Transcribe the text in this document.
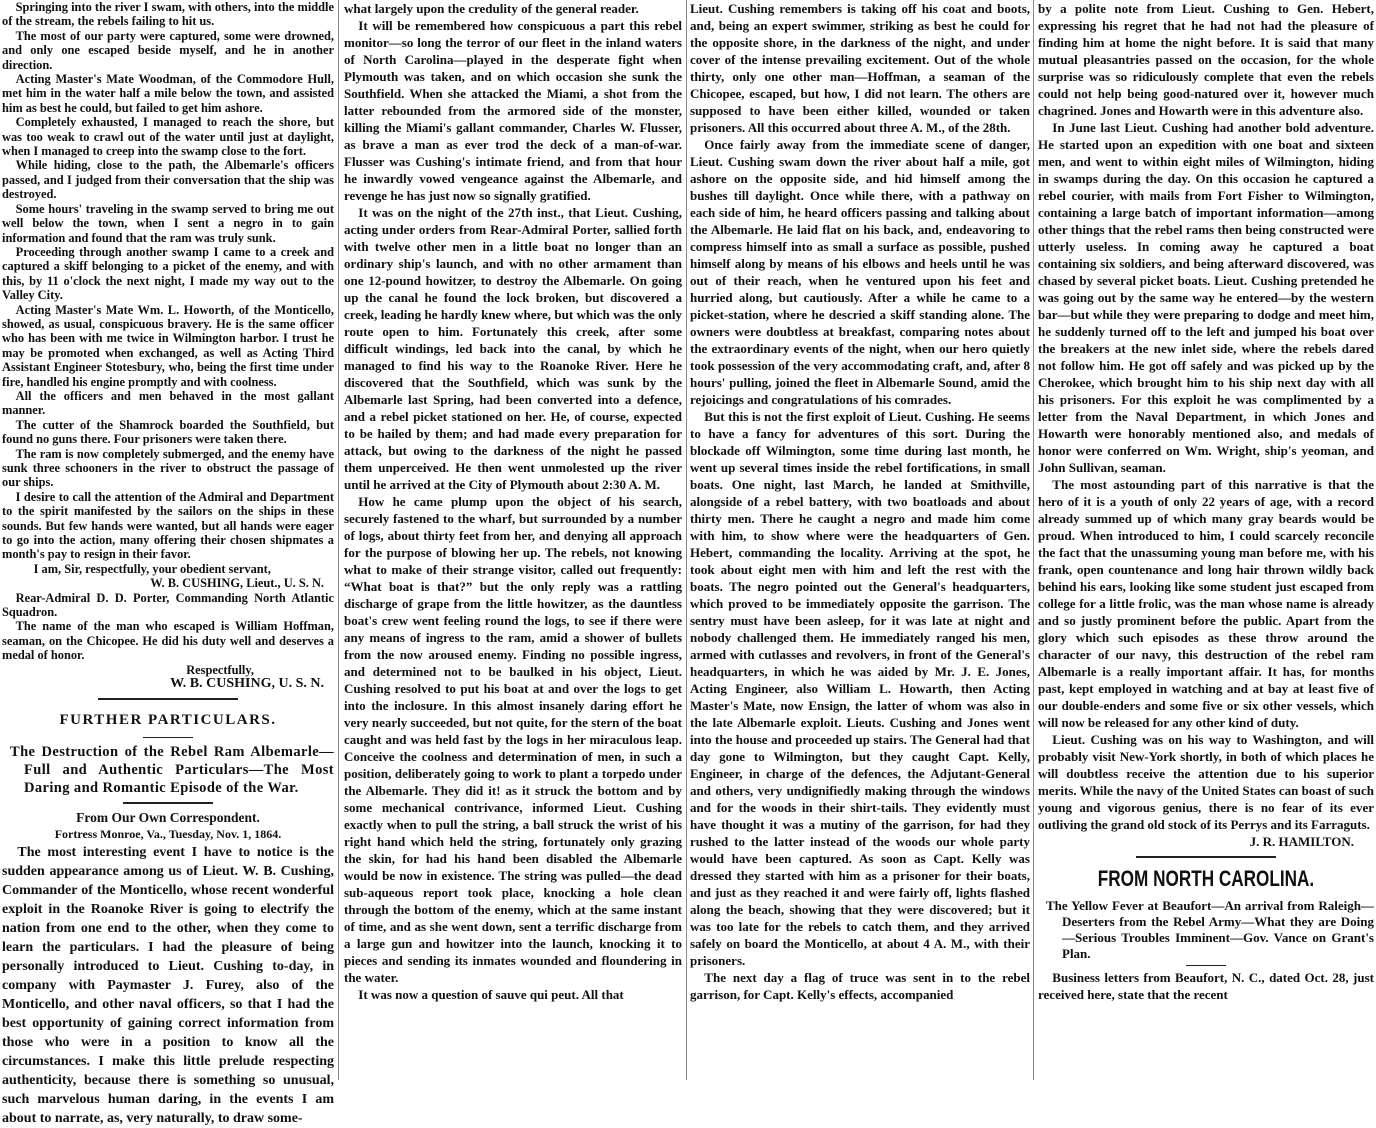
Springing into the river I swam, with others, into the middle of the stream, the rebels failing to hit us.

The most of our party were captured, some were drowned, and only one escaped beside myself, and he in another direction.

Acting Master's Mate Woodman, of the Commodore Hull, met him in the water half a mile below the town, and assisted him as best he could, but failed to get him ashore.

Completely exhausted, I managed to reach the shore, but was too weak to crawl out of the water until just at daylight, when I managed to creep into the swamp close to the fort.

While hiding, close to the path, the Albemarle's officers passed, and I judged from their conversation that the ship was destroyed.

Some hours' traveling in the swamp served to bring me out well below the town, when I sent a negro in to gain information and found that the ram was truly sunk.

Proceeding through another swamp I came to a creek and captured a skiff belonging to a picket of the enemy, and with this, by 11 o'clock the next night, I made my way out to the Valley City.

Acting Master's Mate Wm. L. Howorth, of the Monticello, showed, as usual, conspicuous bravery. He is the same officer who has been with me twice in Wilmington harbor. I trust he may be promoted when exchanged, as well as Acting Third Assistant Engineer Stotesbury, who, being the first time under fire, handled his engine promptly and with coolness.

All the officers and men behaved in the most gallant manner.

The cutter of the Shamrock boarded the Southfield, but found no guns there. Four prisoners were taken there.

The ram is now completely submerged, and the enemy have sunk three schooners in the river to obstruct the passage of our ships.

I desire to call the attention of the Admiral and Department to the spirit manifested by the sailors on the ships in these sounds. But few hands were wanted, but all hands were eager to go into the action, many offering their chosen shipmates a month's pay to resign in their favor.

I am, Sir, respectfully, your obedient servant,

W. B. CUSHING, Lieut., U. S. N.

Rear-Admiral D. D. Porter, Commanding North Atlantic Squadron.

The name of the man who escaped is William Hoffman, seaman, on the Chicopee. He did his duty well and deserves a medal of honor.

Respectfully,

W. B. CUSHING, U. S. N.

FURTHER PARTICULARS.
The Destruction of the Rebel Ram Albemarle—Full and Authentic Particulars—The Most Daring and Romantic Episode of the War.

From Our Own Correspondent.

Fortress Monroe, Va., Tuesday, Nov. 1, 1864.

The most interesting event I have to notice is the sudden appearance among us of Lieut. W. B. Cushing, Commander of the Monticello, whose recent wonderful exploit in the Roanoke River is going to electrify the nation from one end to the other, when they come to learn the particulars. I had the pleasure of being personally introduced to Lieut. Cushing to-day, in company with Paymaster J. Furey, also of the Monticello, and other naval officers, so that I had the best opportunity of gaining correct information from those who were in a position to know all the circumstances. I make this little prelude respecting authenticity, because there is something so unusual, such marvelous human daring, in the events I am about to narrate, as, very naturally, to draw some-

what largely upon the credulity of the general reader.

It will be remembered how conspicuous a part this rebel monitor—so long the terror of our fleet in the inland waters of North Carolina—played in the desperate fight when Plymouth was taken, and on which occasion she sunk the Southfield. When she attacked the Miami, a shot from the latter rebounded from the armored side of the monster, killing the Miami's gallant commander, Charles W. Flusser, as brave a man as ever trod the deck of a man-of-war. Flusser was Cushing's intimate friend, and from that hour he inwardly vowed vengeance against the Albemarle, and revenge he has just now so signally gratified.

It was on the night of the 27th inst., that Lieut. Cushing, acting under orders from Rear-Admiral Porter, sallied forth with twelve other men in a little boat no longer than an ordinary ship's launch, and with no other armament than one 12-pound howitzer, to destroy the Albemarle. On going up the canal he found the lock broken, but discovered a creek, leading he hardly knew where, but which was the only route open to him. Fortunately this creek, after some difficult windings, led back into the canal, by which he managed to find his way to the Roanoke River. Here he discovered that the Southfield, which was sunk by the Albemarle last Spring, had been converted into a defence, and a rebel picket stationed on her. He, of course, expected to be hailed by them; and had made every preparation for attack, but owing to the darkness of the night he passed them unperceived. He then went unmolested up the river until he arrived at the City of Plymouth about 2:30 A. M.

How he came plump upon the object of his search, securely fastened to the wharf, but surrounded by a number of logs, about thirty feet from her, and denying all approach for the purpose of blowing her up. The rebels, not knowing what to make of their strange visitor, called out frequently: “What boat is that?” but the only reply was a rattling discharge of grape from the little howitzer, as the dauntless boat's crew went feeling round the logs, to see if there were any means of ingress to the ram, amid a shower of bullets from the now aroused enemy. Finding no possible ingress, and determined not to be baulked in his object, Lieut. Cushing resolved to put his boat at and over the logs to get into the inclosure. In this almost insanely daring effort he very nearly succeeded, but not quite, for the stern of the boat caught and was held fast by the logs in her miraculous leap. Conceive the coolness and determination of men, in such a position, deliberately going to work to plant a torpedo under the Albemarle. They did it! as it struck the bottom and by some mechanical contrivance, informed Lieut. Cushing exactly when to pull the string, a ball struck the wrist of his right hand which held the string, fortunately only grazing the skin, for had his hand been disabled the Albemarle would be now in existence. The string was pulled—the dead sub-aqueous report took place, knocking a hole clean through the bottom of the enemy, which at the same instant of time, and as she went down, sent a terrific discharge from a large gun and howitzer into the launch, knocking it to pieces and sending its inmates wounded and floundering in the water.

It was now a question of sauve qui peut. All that

Lieut. Cushing remembers is taking off his coat and boots, and, being an expert swimmer, striking as best he could for the opposite shore, in the darkness of the night, and under cover of the intense prevailing excitement. Out of the whole thirty, only one other man—Hoffman, a seaman of the Chicopee, escaped, but how, I did not learn. The others are supposed to have been either killed, wounded or taken prisoners. All this occurred about three A. M., of the 28th.

Once fairly away from the immediate scene of danger, Lieut. Cushing swam down the river about half a mile, got ashore on the opposite side, and hid himself among the bushes till daylight. Once while there, with a pathway on each side of him, he heard officers passing and talking about the Albemarle. He laid flat on his back, and, endeavoring to compress himself into as small a surface as possible, pushed himself along by means of his elbows and heels until he was out of their reach, when he ventured upon his feet and hurried along, but cautiously. After a while he came to a picket-station, where he descried a skiff standing alone. The owners were doubtless at breakfast, comparing notes about the extraordinary events of the night, when our hero quietly took possession of the very accommodating craft, and, after 8 hours' pulling, joined the fleet in Albemarle Sound, amid the rejoicings and congratulations of his comrades.

But this is not the first exploit of Lieut. Cushing. He seems to have a fancy for adventures of this sort. During the blockade off Wilmington, some time during last month, he went up several times inside the rebel fortifications, in small boats. One night, last March, he landed at Smithville, alongside of a rebel battery, with two boatloads and about thirty men. There he caught a negro and made him come with him, to show where were the headquarters of Gen. Hebert, commanding the locality. Arriving at the spot, he took about eight men with him and left the rest with the boats. The negro pointed out the General's headquarters, which proved to be immediately opposite the garrison. The sentry must have been asleep, for it was late at night and nobody challenged them. He immediately ranged his men, armed with cutlasses and revolvers, in front of the General's headquarters, in which he was aided by Mr. J. E. Jones, Acting Engineer, also William L. Howarth, then Acting Master's Mate, now Ensign, the latter of whom was also in the late Albemarle exploit. Lieuts. Cushing and Jones went into the house and proceeded up stairs. The General had that day gone to Wilmington, but they caught Capt. Kelly, Engineer, in charge of the defences, the Adjutant-General and others, very undignifiedly making through the windows and for the woods in their shirt-tails. They evidently must have thought it was a mutiny of the garrison, for had they rushed to the latter instead of the woods our whole party would have been captured. As soon as Capt. Kelly was dressed they started with him as a prisoner for their boats, and just as they reached it and were fairly off, lights flashed along the beach, showing that they were discovered; but it was too late for the rebels to catch them, and they arrived safely on board the Monticello, at about 4 A. M., with their prisoners.

The next day a flag of truce was sent in to the rebel garrison, for Capt. Kelly's effects, accompanied

by a polite note from Lieut. Cushing to Gen. Hebert, expressing his regret that he had not had the pleasure of finding him at home the night before. It is said that many mutual pleasantries passed on the occasion, for the whole surprise was so ridiculously complete that even the rebels could not help being good-natured over it, however much chagrined. Jones and Howarth were in this adventure also.

In June last Lieut. Cushing had another bold adventure. He started upon an expedition with one boat and sixteen men, and went to within eight miles of Wilmington, hiding in swamps during the day. On this occasion he captured a rebel courier, with mails from Fort Fisher to Wilmington, containing a large batch of important information—among other things that the rebel rams then being constructed were utterly useless. In coming away he captured a boat containing six soldiers, and being afterward discovered, was chased by several picket boats. Lieut. Cushing pretended he was going out by the same way he entered—by the western bar—but while they were preparing to dodge and meet him, he suddenly turned off to the left and jumped his boat over the breakers at the new inlet side, where the rebels dared not follow him. He got off safely and was picked up by the Cherokee, which brought him to his ship next day with all his prisoners. For this exploit he was complimented by a letter from the Naval Department, in which Jones and Howarth were honorably mentioned also, and medals of honor were conferred on Wm. Wright, ship's yeoman, and John Sullivan, seaman.

The most astounding part of this narrative is that the hero of it is a youth of only 22 years of age, with a record already summed up of which many gray beards would be proud. When introduced to him, I could scarcely reconcile the fact that the unassuming young man before me, with his frank, open countenance and long hair thrown wildly back behind his ears, looking like some student just escaped from college for a little frolic, was the man whose name is already and so justly prominent before the public. Apart from the glory which such episodes as these throw around the character of our navy, this destruction of the rebel ram Albemarle is a really important affair. It has, for months past, kept employed in watching and at bay at least five of our double-enders and some five or six other vessels, which will now be released for any other kind of duty.

Lieut. Cushing was on his way to Washington, and will probably visit New-York shortly, in both of which places he will doubtless receive the attention due to his superior merits. While the navy of the United States can boast of such young and vigorous genius, there is no fear of its ever outliving the grand old stock of its Perrys and its Farraguts.

J. R. HAMILTON.

FROM NORTH CAROLINA.
The Yellow Fever at Beaufort—An arrival from Raleigh—Deserters from the Rebel Army—What they are Doing—Serious Troubles Imminent—Gov. Vance on Grant's Plan.

Business letters from Beaufort, N. C., dated Oct. 28, just received here, state that the recent
